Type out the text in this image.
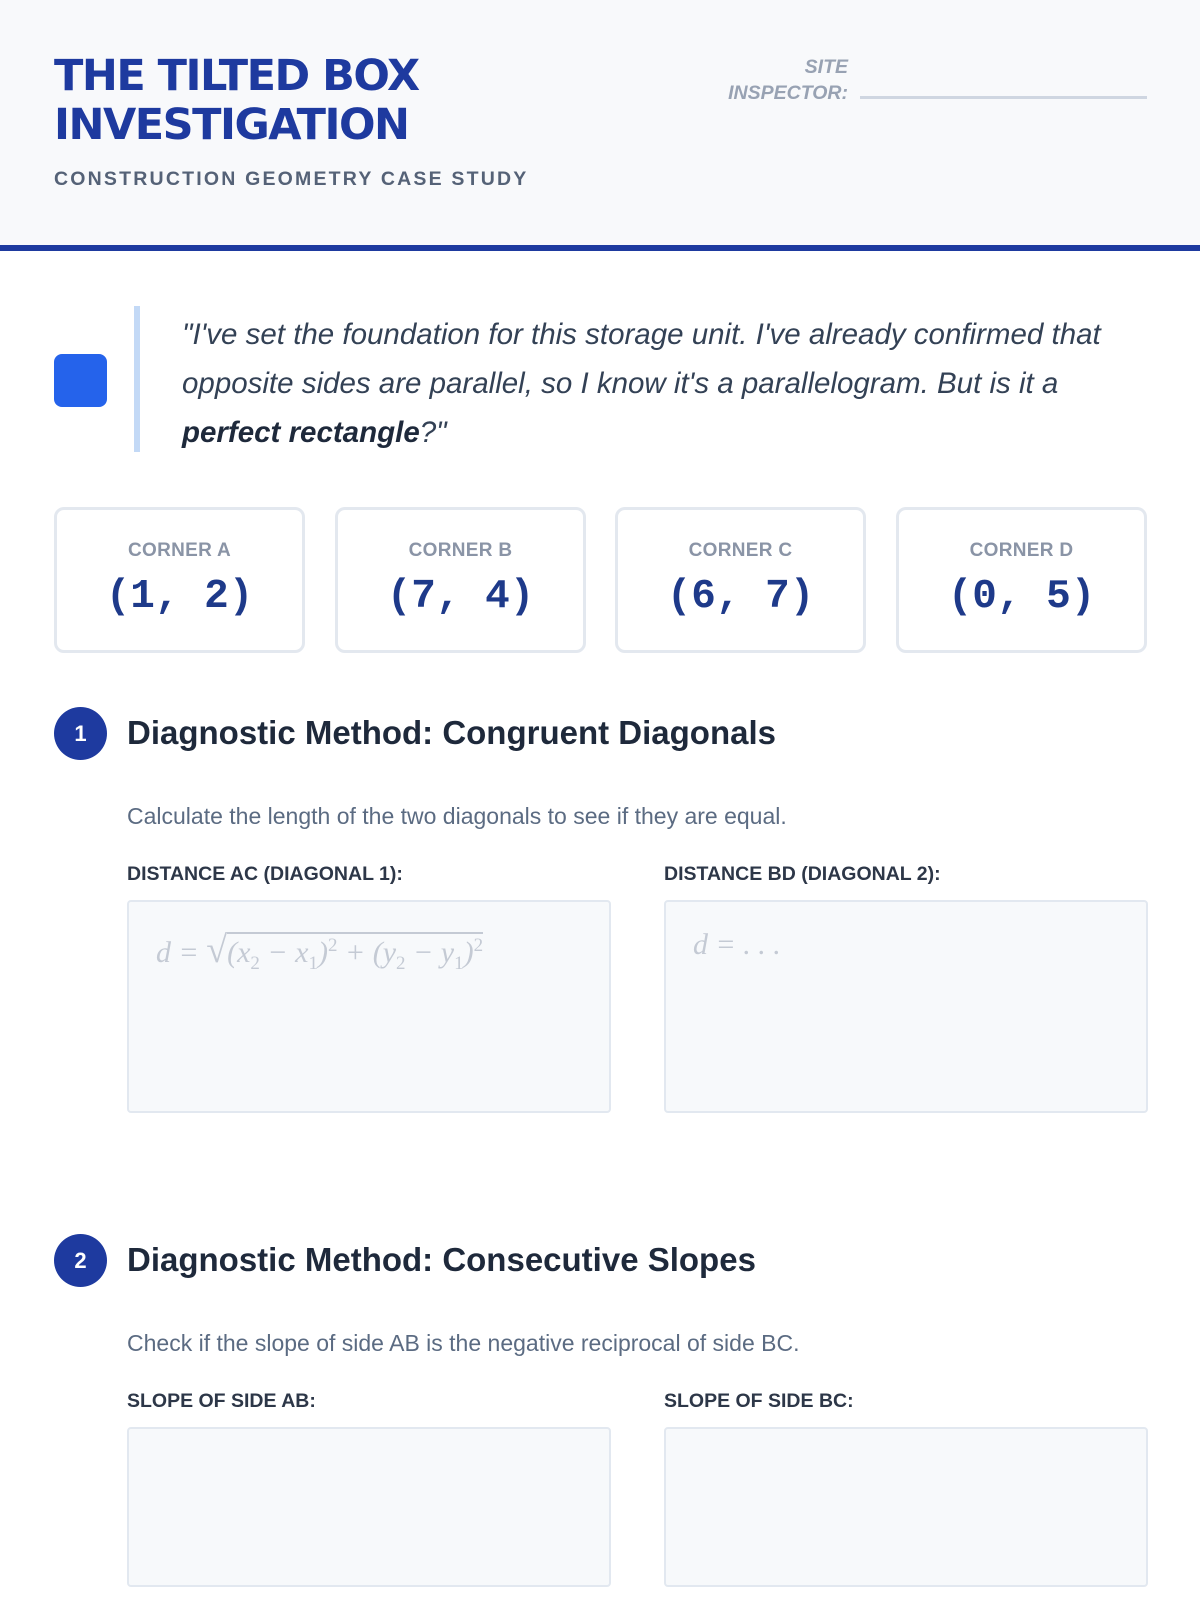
THE TILTED BOX INVESTIGATION
CONSTRUCTION GEOMETRY CASE STUDY
SITE INSPECTOR:
"I've set the foundation for this storage unit. I've already confirmed that opposite sides are parallel, so I know it's a parallelogram. But is it a perfect rectangle?"
CORNER A
(1, 2)
CORNER B
(7, 4)
CORNER C
(6, 7)
CORNER D
(0, 5)
1	Diagnostic Method: Congruent Diagonals
Calculate the length of the two diagonals to see if they are equal.
DISTANCE AC (DIAGONAL 1):
$d = √(x_2 - x_1)^2 + (y_2 - y_1)^2$
DISTANCE BD (DIAGONAL 2):
d = . . .
2	Diagnostic Method: Consecutive Slopes
Check if the slope of side AB is the negative reciprocal of side BC.
SLOPE OF SIDE AB:	SLOPE OF SIDE BC:
